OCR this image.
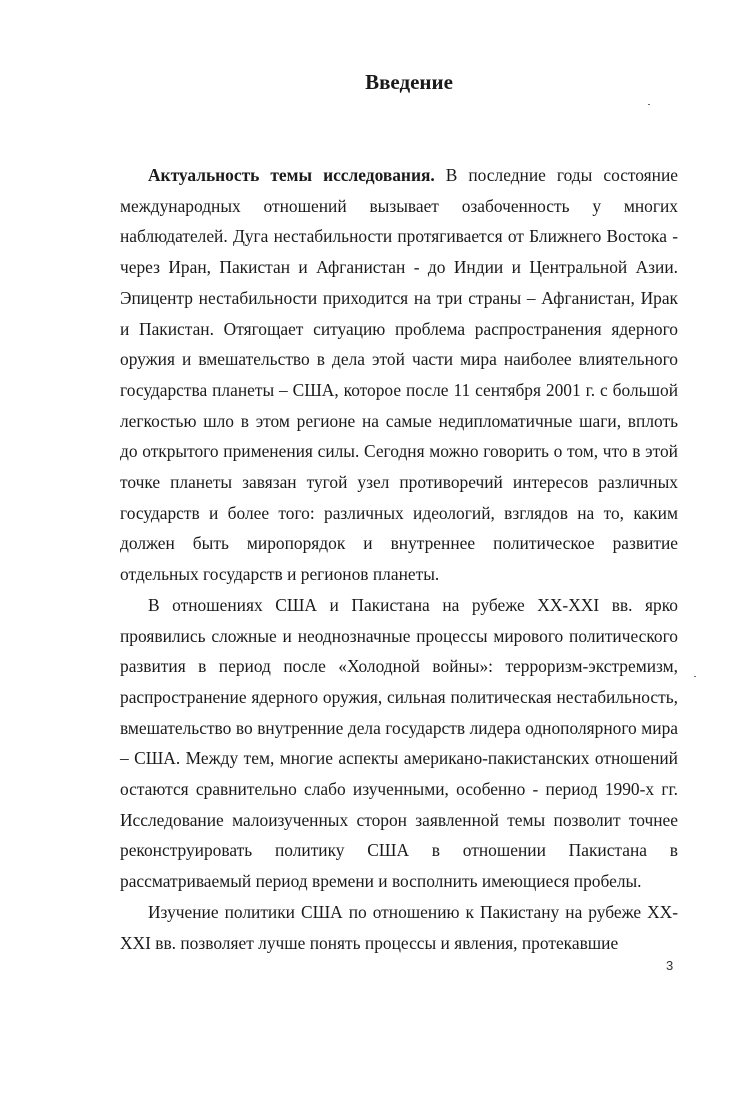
Введение

Актуальность темы исследования. В последние годы состояние международных отношений вызывает озабоченность у многих наблюдателей. Дуга нестабильности протягивается от Ближнего Востока - через Иран, Пакистан и Афганистан - до Индии и Центральной Азии. Эпицентр нестабильности приходится на три страны – Афганистан, Ирак и Пакистан. Отягощает ситуацию проблема распространения ядерного оружия и вмешательство в дела этой части мира наиболее влиятельного государства планеты – США, которое после 11 сентября 2001 г. с большой легкостью шло в этом регионе на самые недипломатичные шаги, вплоть до открытого применения силы. Сегодня можно говорить о том, что в этой точке планеты завязан тугой узел противоречий интересов различных государств и более того: различных идеологий, взглядов на то, каким должен быть миропорядок и внутреннее политическое развитие отдельных государств и регионов планеты.

В отношениях США и Пакистана на рубеже XX-XXI вв. ярко проявились сложные и неоднозначные процессы мирового политического развития в период после «Холодной войны»: терроризм-экстремизм, распространение ядерного оружия, сильная политическая нестабильность, вмешательство во внутренние дела государств лидера однополярного мира – США. Между тем, многие аспекты американо-пакистанских отношений остаются сравнительно слабо изученными, особенно - период 1990-х гг. Исследование малоизученных сторон заявленной темы позволит точнее реконструировать политику США в отношении Пакистана в рассматриваемый период времени и восполнить имеющиеся пробелы.

Изучение политики США по отношению к Пакистану на рубеже XX-XXI вв. позволяет лучше понять процессы и явления, протекавшие

3
